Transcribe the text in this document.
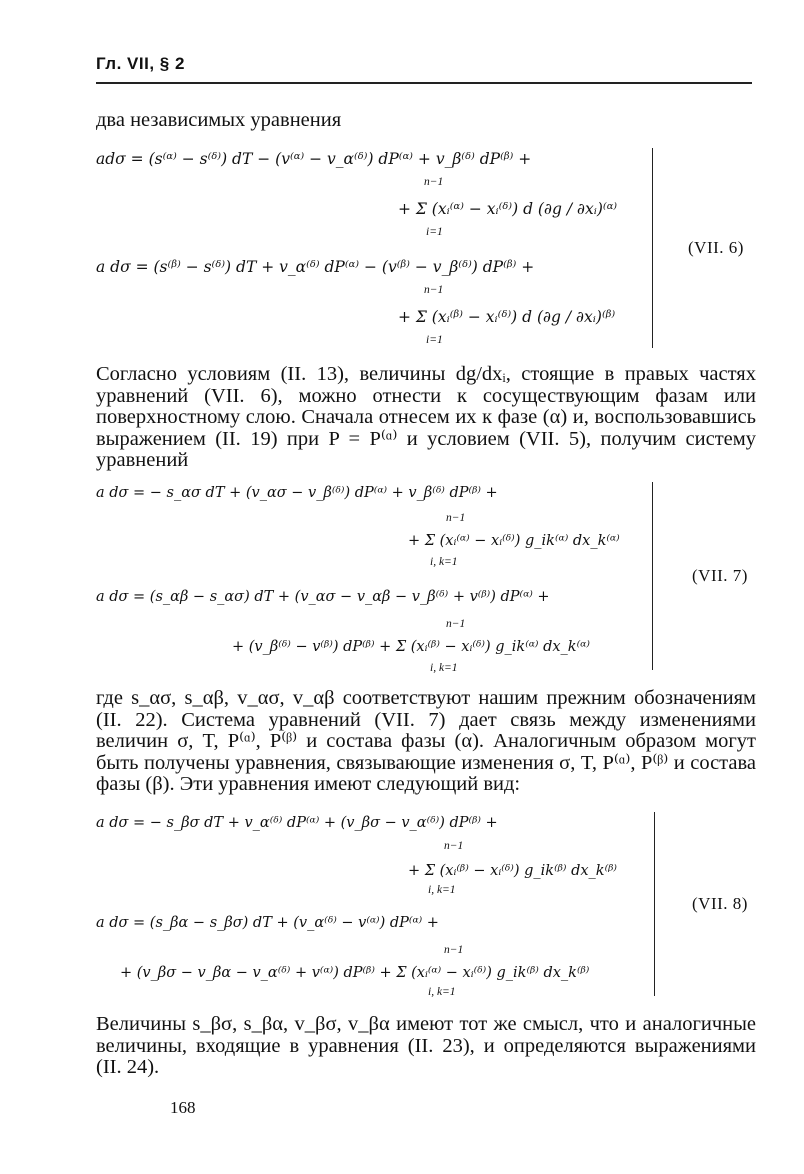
Гл. VII, § 2
два независимых уравнения
adσ = (s⁽ᵅ⁾ − s⁽ᵟ⁾) dT − (v⁽ᵅ⁾ − v_α⁽ᵟ⁾) dP⁽ᵅ⁾ + v_β⁽ᵟ⁾ dP⁽ᵝ⁾ +
n−1
+ Σ (xᵢ⁽ᵅ⁾ − xᵢ⁽ᵟ⁾) d (∂g / ∂xᵢ)⁽ᵅ⁾
i=1
a dσ = (s⁽ᵝ⁾ − s⁽ᵟ⁾) dT + v_α⁽ᵟ⁾ dP⁽ᵅ⁾ − (v⁽ᵝ⁾ − v_β⁽ᵟ⁾) dP⁽ᵝ⁾ +
n−1
+ Σ (xᵢ⁽ᵝ⁾ − xᵢ⁽ᵟ⁾) d (∂g / ∂xᵢ)⁽ᵝ⁾
i=1
(VII. 6)
Согласно условиям (II. 13), величины dg/dxᵢ, стоящие в правых частях уравнений (VII. 6), можно отнести к сосуществующим фазам или поверхностному слою. Сначала отнесем их к фазе (α) и, воспользовавшись выражением (II. 19) при P = P⁽ᵅ⁾ и условием (VII. 5), получим систему уравнений
a dσ = − s_ασ dT + (v_ασ − v_β⁽ᵟ⁾) dP⁽ᵅ⁾ + v_β⁽ᵟ⁾ dP⁽ᵝ⁾ +
n−1
+ Σ (xᵢ⁽ᵅ⁾ − xᵢ⁽ᵟ⁾) g_ik⁽ᵅ⁾ dx_k⁽ᵅ⁾
i, k=1
a dσ = (s_αβ − s_ασ) dT + (v_ασ − v_αβ − v_β⁽ᵟ⁾ + v⁽ᵝ⁾) dP⁽ᵅ⁾ +
n−1
+ (v_β⁽ᵟ⁾ − v⁽ᵝ⁾) dP⁽ᵝ⁾ + Σ (xᵢ⁽ᵝ⁾ − xᵢ⁽ᵟ⁾) g_ik⁽ᵅ⁾ dx_k⁽ᵅ⁾
i, k=1
(VII. 7)
где s_ασ, s_αβ, v_ασ, v_αβ соответствуют нашим прежним обозначениям (II. 22). Система уравнений (VII. 7) дает связь между изменениями величин σ, T, P⁽ᵅ⁾, P⁽ᵝ⁾ и состава фазы (α). Аналогичным образом могут быть получены уравнения, связывающие изменения σ, T, P⁽ᵅ⁾, P⁽ᵝ⁾ и состава фазы (β). Эти уравнения имеют следующий вид:
a dσ = − s_βσ dT + v_α⁽ᵟ⁾ dP⁽ᵅ⁾ + (v_βσ − v_α⁽ᵟ⁾) dP⁽ᵝ⁾ +
n−1
+ Σ (xᵢ⁽ᵝ⁾ − xᵢ⁽ᵟ⁾) g_ik⁽ᵝ⁾ dx_k⁽ᵝ⁾
i, k=1
a dσ = (s_βα − s_βσ) dT + (v_α⁽ᵟ⁾ − v⁽ᵅ⁾) dP⁽ᵅ⁾ +
n−1
+ (v_βσ − v_βα − v_α⁽ᵟ⁾ + v⁽ᵅ⁾) dP⁽ᵝ⁾ + Σ (xᵢ⁽ᵅ⁾ − xᵢ⁽ᵟ⁾) g_ik⁽ᵝ⁾ dx_k⁽ᵝ⁾
i, k=1
(VII. 8)
Величины s_βσ, s_βα, v_βσ, v_βα имеют тот же смысл, что и аналогичные величины, входящие в уравнения (II. 23), и определяются выражениями (II. 24).
168
